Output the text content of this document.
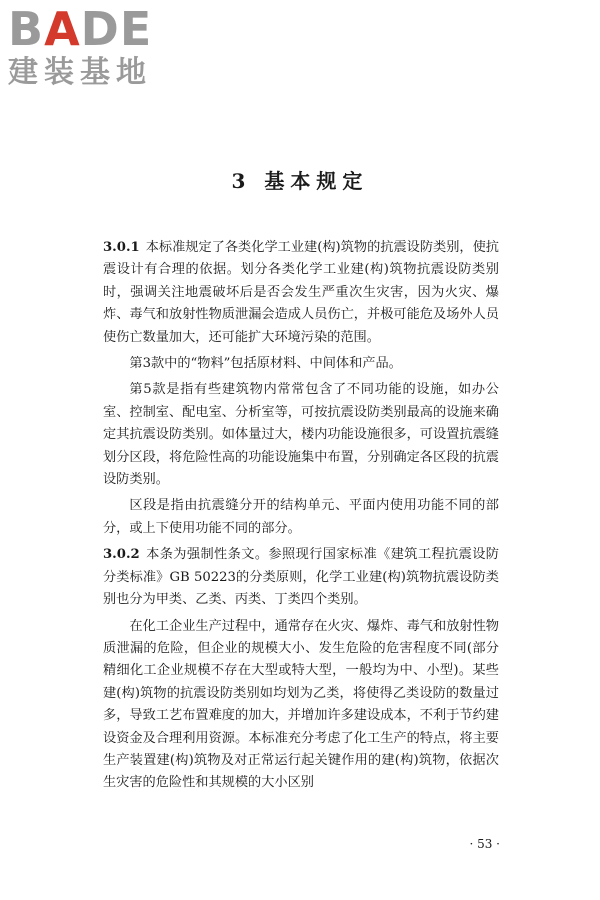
BADE
建装基地
3 基本规定

3.0.1 本标准规定了各类化学工业建(构)筑物的抗震设防类别，使抗震设计有合理的依据。划分各类化学工业建(构)筑物抗震设防类别时，强调关注地震破坏后是否会发生严重次生灾害，因为火灾、爆炸、毒气和放射性物质泄漏会造成人员伤亡，并极可能危及场外人员使伤亡数量加大，还可能扩大环境污染的范围。

第3款中的“物料”包括原材料、中间体和产品。

第5款是指有些建筑物内常常包含了不同功能的设施，如办公室、控制室、配电室、分析室等，可按抗震设防类别最高的设施来确定其抗震设防类别。如体量过大，楼内功能设施很多，可设置抗震缝划分区段，将危险性高的功能设施集中布置，分别确定各区段的抗震设防类别。

区段是指由抗震缝分开的结构单元、平面内使用功能不同的部分，或上下使用功能不同的部分。

3.0.2 本条为强制性条文。参照现行国家标准《建筑工程抗震设防分类标准》GB 50223的分类原则，化学工业建(构)筑物抗震设防类别也分为甲类、乙类、丙类、丁类四个类别。

在化工企业生产过程中，通常存在火灾、爆炸、毒气和放射性物质泄漏的危险，但企业的规模大小、发生危险的危害程度不同(部分精细化工企业规模不存在大型或特大型，一般均为中、小型)。某些建(构)筑物的抗震设防类别如均划为乙类，将使得乙类设防的数量过多，导致工艺布置难度的加大，并增加许多建设成本，不利于节约建设资金及合理利用资源。本标准充分考虑了化工生产的特点，将主要生产装置建(构)筑物及对正常运行起关键作用的建(构)筑物，依据次生灾害的危险性和其规模的大小区别

· 53 ·
